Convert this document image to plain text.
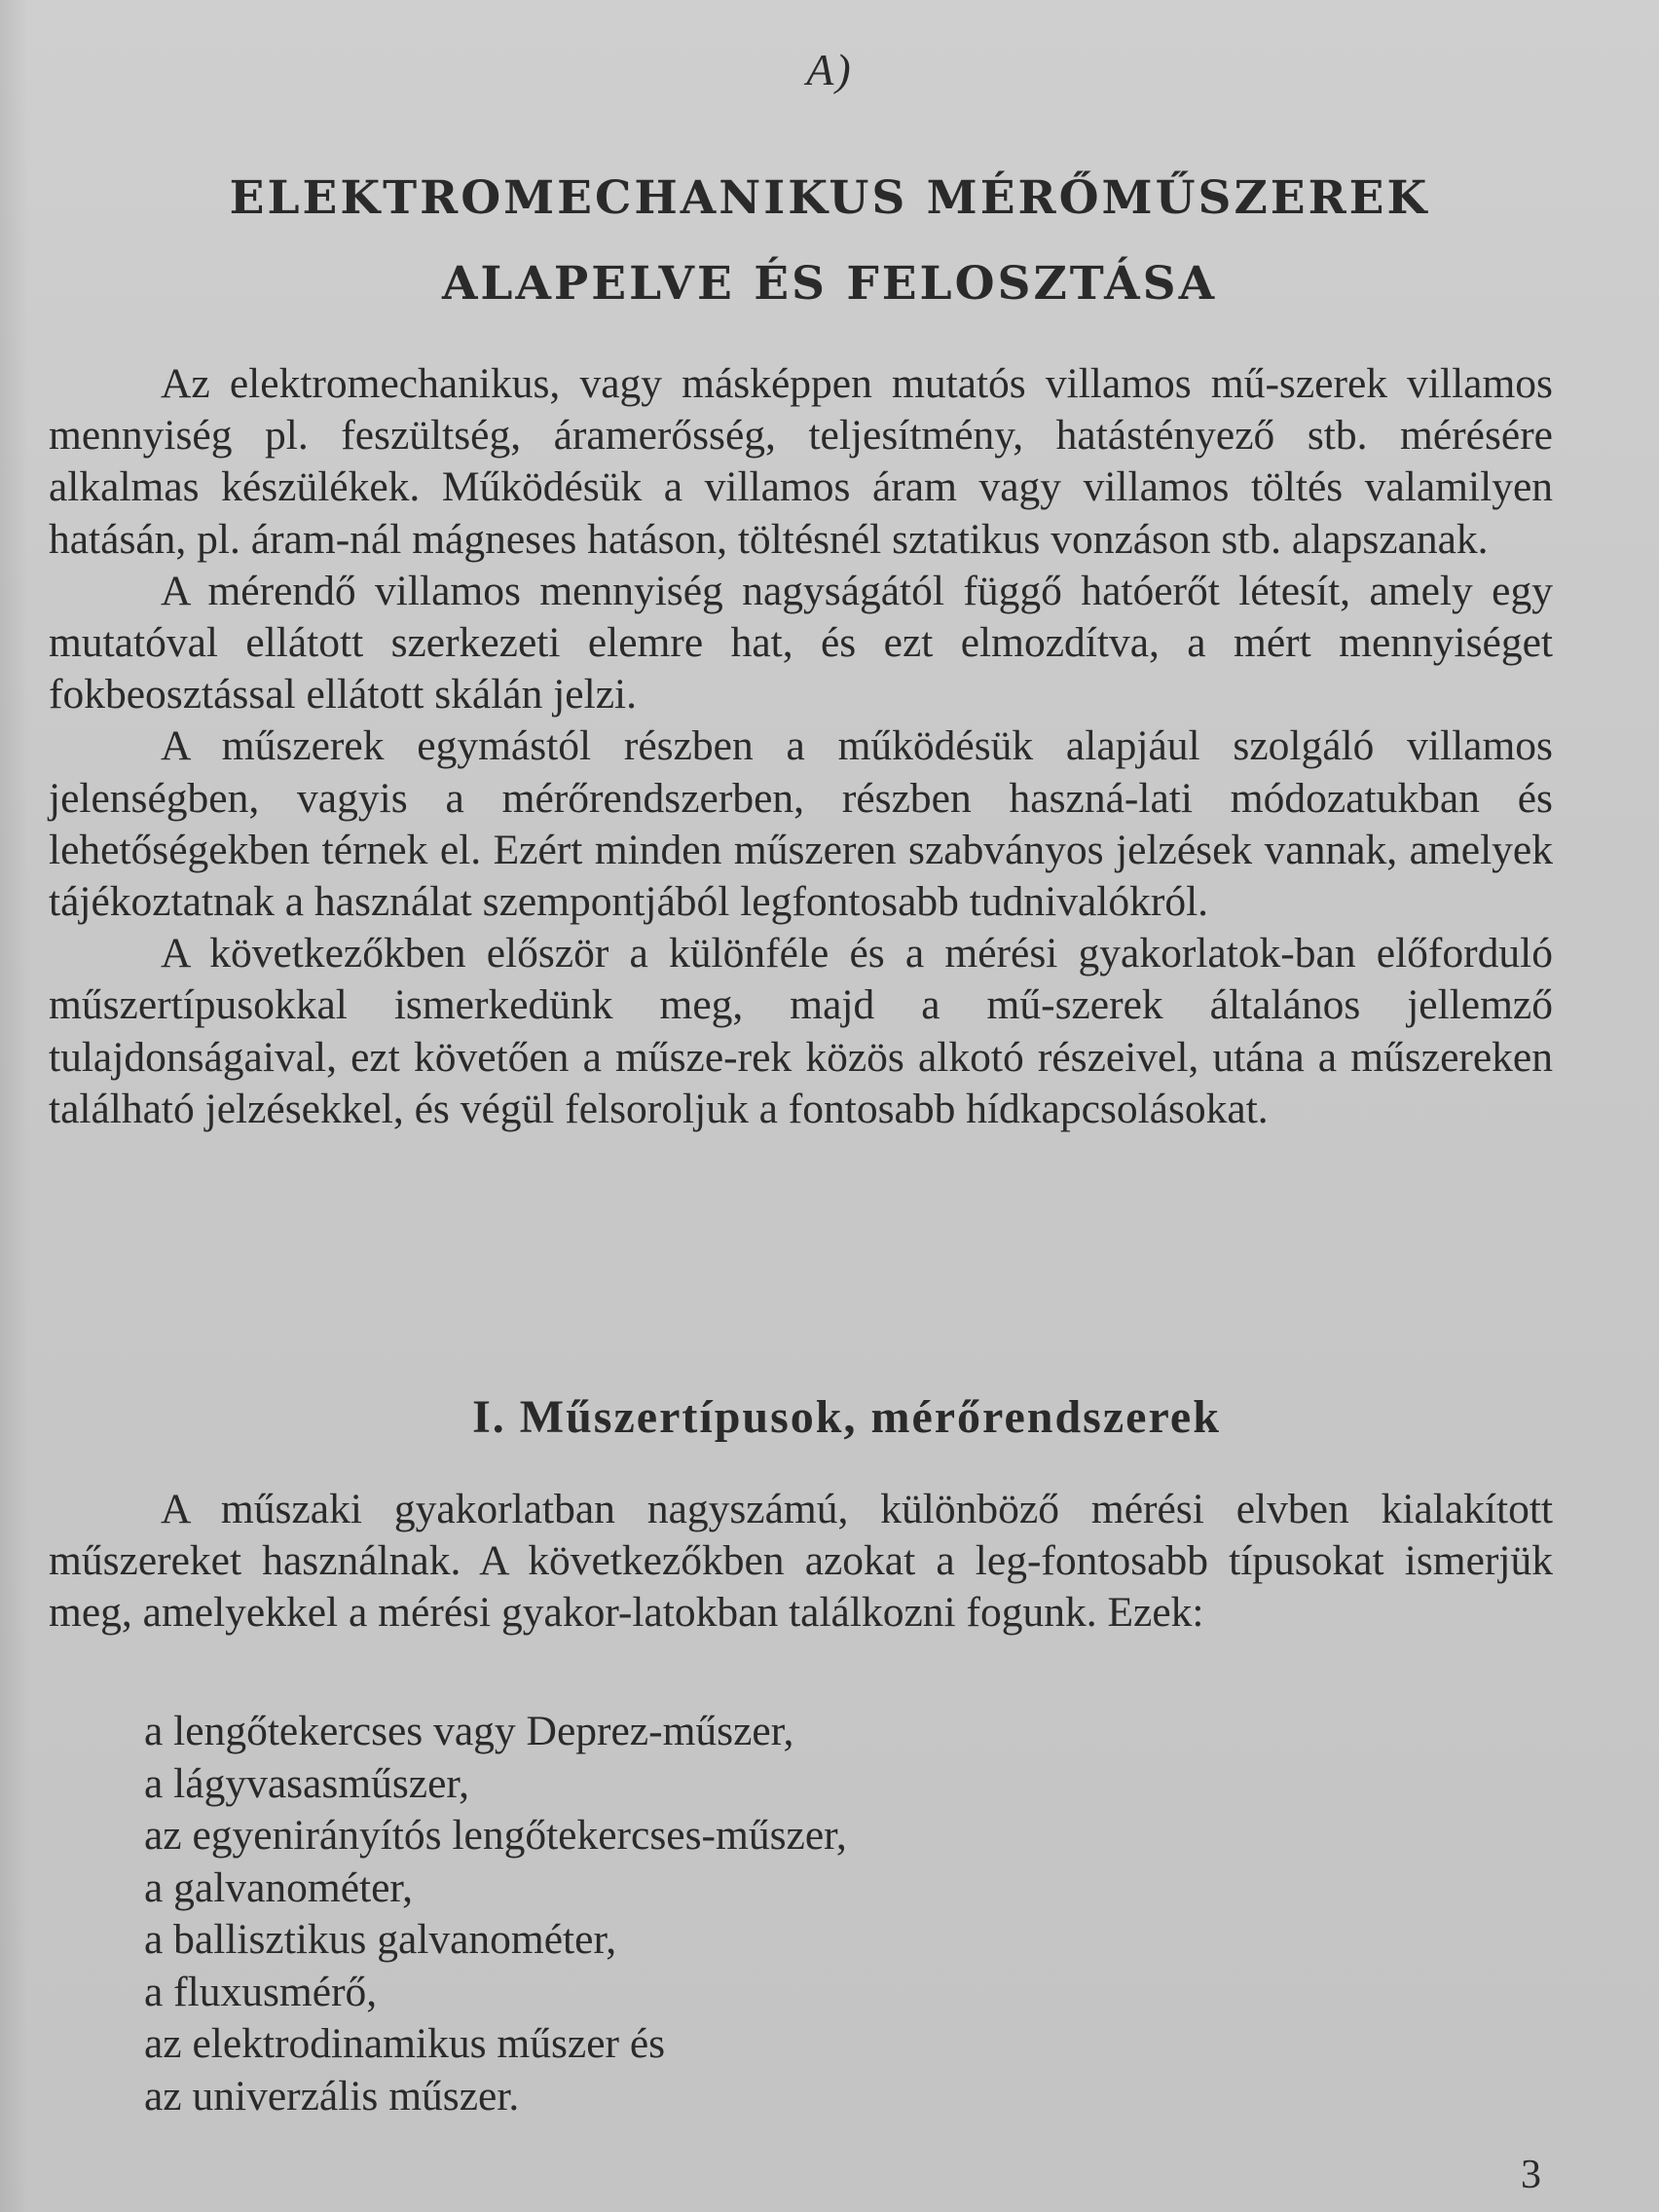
A)
ELEKTROMECHANIKUS MÉRŐMŰSZEREK
ALAPELVE ÉS FELOSZTÁSA

Az elektromechanikus, vagy másképpen mutatós villamos mű-szerek villamos mennyiség pl. feszültség, áramerősség, teljesítmény, hatástényező stb. mérésére alkalmas készülékek. Működésük a villamos áram vagy villamos töltés valamilyen hatásán, pl. áram-nál mágneses hatáson, töltésnél sztatikus vonzáson stb. alapszanak.

A mérendő villamos mennyiség nagyságától függő hatóerőt létesít, amely egy mutatóval ellátott szerkezeti elemre hat, és ezt elmozdítva, a mért mennyiséget fokbeosztással ellátott skálán jelzi.

A műszerek egymástól részben a működésük alapjául szolgáló villamos jelenségben, vagyis a mérőrendszerben, részben haszná-lati módozatukban és lehetőségekben térnek el. Ezért minden műszeren szabványos jelzések vannak, amelyek tájékoztatnak a használat szempontjából legfontosabb tudnivalókról.

A következőkben először a különféle és a mérési gyakorlatok-ban előforduló műszertípusokkal ismerkedünk meg, majd a mű-szerek általános jellemző tulajdonságaival, ezt követően a műsze-rek közös alkotó részeivel, utána a műszereken található jelzésekkel, és végül felsoroljuk a fontosabb hídkapcsolásokat.

I. Műszertípusok, mérőrendszerek

A műszaki gyakorlatban nagyszámú, különböző mérési elvben kialakított műszereket használnak. A következőkben azokat a leg-fontosabb típusokat ismerjük meg, amelyekkel a mérési gyakor-latokban találkozni fogunk. Ezek:

a lengőtekercses vagy Deprez-műszer,
a lágyvasasműszer,
az egyenirányítós lengőtekercses-műszer,
a galvanométer,
a ballisztikus galvanométer,
a fluxusmérő,
az elektrodinamikus műszer és
az univerzális műszer.
3
